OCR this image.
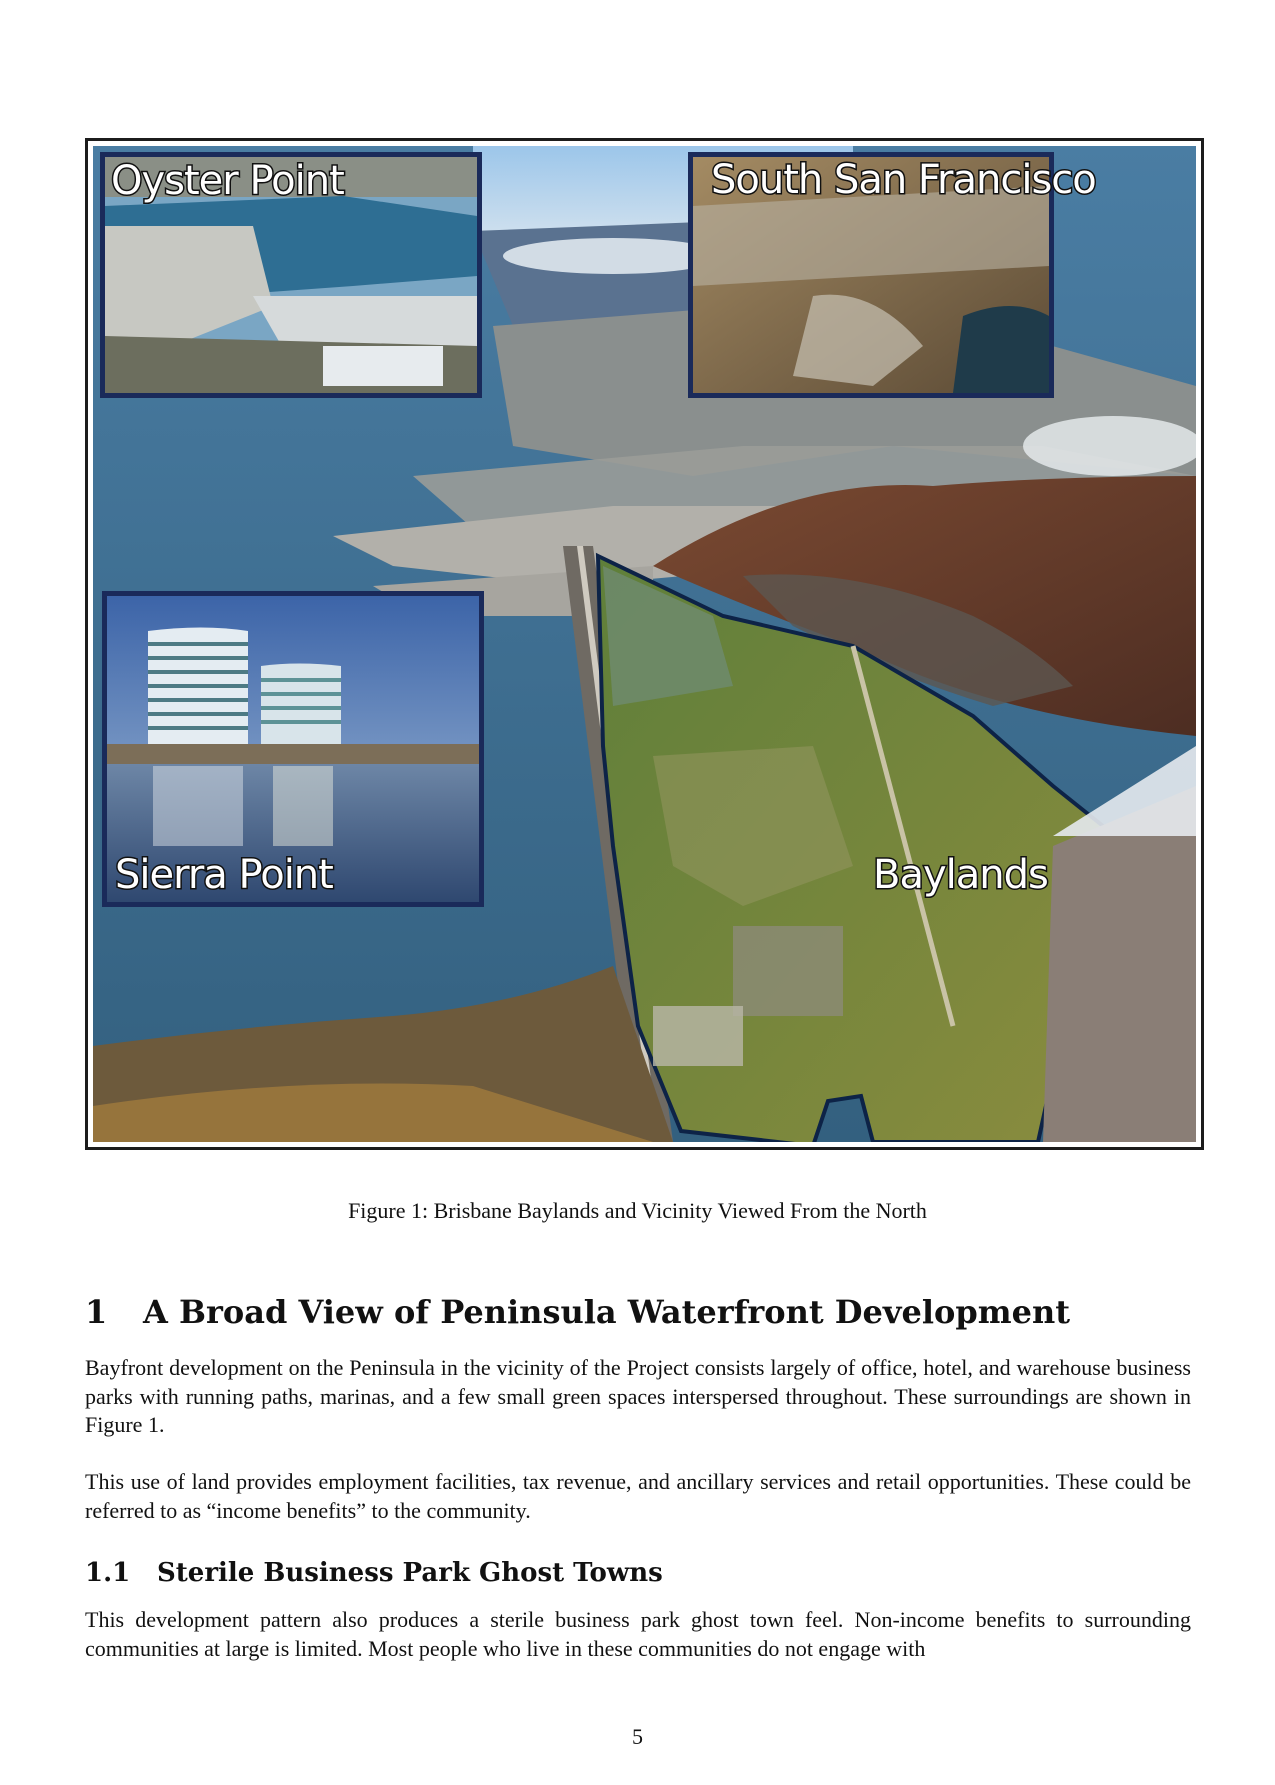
Oyster Point	South San Francisco
Sierra Point	Baylands
Figure 1: Brisbane Baylands and Vicinity Viewed From the North
1 A Broad View of Peninsula Waterfront Development

Bayfront development on the Peninsula in the vicinity of the Project consists largely of office, hotel, and warehouse business parks with running paths, marinas, and a few small green spaces interspersed throughout. These surroundings are shown in Figure 1.

This use of land provides employment facilities, tax revenue, and ancillary services and retail opportunities. These could be referred to as “income benefits” to the community.

1.1 Sterile Business Park Ghost Towns

This development pattern also produces a sterile business park ghost town feel. Non-income benefits to surrounding communities at large is limited. Most people who live in these communities do not engage with

5
